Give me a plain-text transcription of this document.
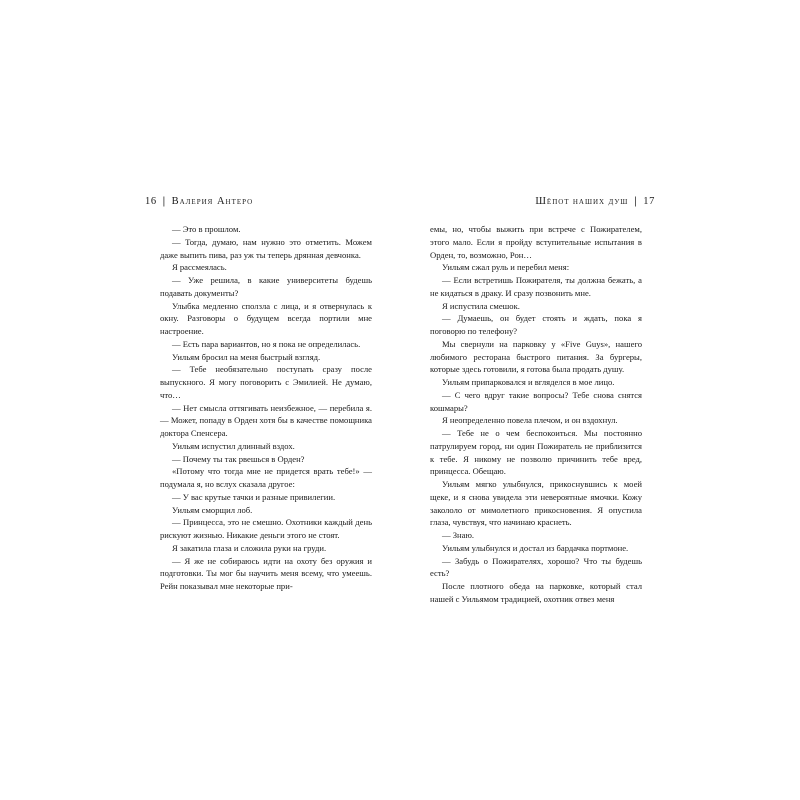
16 | Валерия Антеро	Шёпот наших душ | 17

— Это в прошлом.

— Тогда, думаю, нам нужно это отметить. Можем даже выпить пива, раз уж ты теперь дрянная девчонка.

Я рассмеялась.

— Уже решила, в какие университеты будешь подавать документы?

Улыбка медленно сползла с лица, и я отвернулась к окну. Разговоры о будущем всегда портили мне настроение.

— Есть пара вариантов, но я пока не определилась.

Уильям бросил на меня быстрый взгляд.

— Тебе необязательно поступать сразу после выпускного. Я могу поговорить с Эмилией. Не думаю, что…

— Нет смысла оттягивать неизбежное, — перебила я. — Может, попаду в Орден хотя бы в качестве помощника доктора Спенсера.

Уильям испустил длинный вздох.

— Почему ты так рвешься в Орден?

«Потому что тогда мне не придется врать тебе!» — подумала я, но вслух сказала другое:

— У вас крутые тачки и разные привилегии.

Уильям сморщил лоб.

— Принцесса, это не смешно. Охотники каждый день рискуют жизнью. Никакие деньги этого не стоят.

Я закатила глаза и сложила руки на груди.

— Я же не собираюсь идти на охоту без оружия и подготовки. Ты мог бы научить меня всему, что умеешь. Рейн показывал мне некоторые при-

емы, но, чтобы выжить при встрече с Пожирателем, этого мало. Если я пройду вступительные испытания в Орден, то, возможно, Рон…

Уильям сжал руль и перебил меня:

— Если встретишь Пожирателя, ты должна бежать, а не кидаться в драку. И сразу позвонить мне.

Я испустила смешок.

— Думаешь, он будет стоять и ждать, пока я поговорю по телефону?

Мы свернули на парковку у «Five Guys», нашего любимого ресторана быстрого питания. За бургеры, которые здесь готовили, я готова была продать душу.

Уильям припарковался и вгляделся в мое лицо.

— С чего вдруг такие вопросы? Тебе снова снятся кошмары?

Я неопределенно повела плечом, и он вздохнул.

— Тебе не о чем беспокоиться. Мы постоянно патрулируем город, ни один Пожиратель не приблизится к тебе. Я никому не позволю причинить тебе вред, принцесса. Обещаю.

Уильям мягко улыбнулся, прикоснувшись к моей щеке, и я снова увидела эти невероятные ямочки. Кожу закололо от мимолетного прикосновения. Я опустила глаза, чувствуя, что начинаю краснеть.

— Знаю.

Уильям улыбнулся и достал из бардачка портмоне.

— Забудь о Пожирателях, хорошо? Что ты будешь есть?

После плотного обеда на парковке, который стал нашей с Уильямом традицией, охотник отвез меня
